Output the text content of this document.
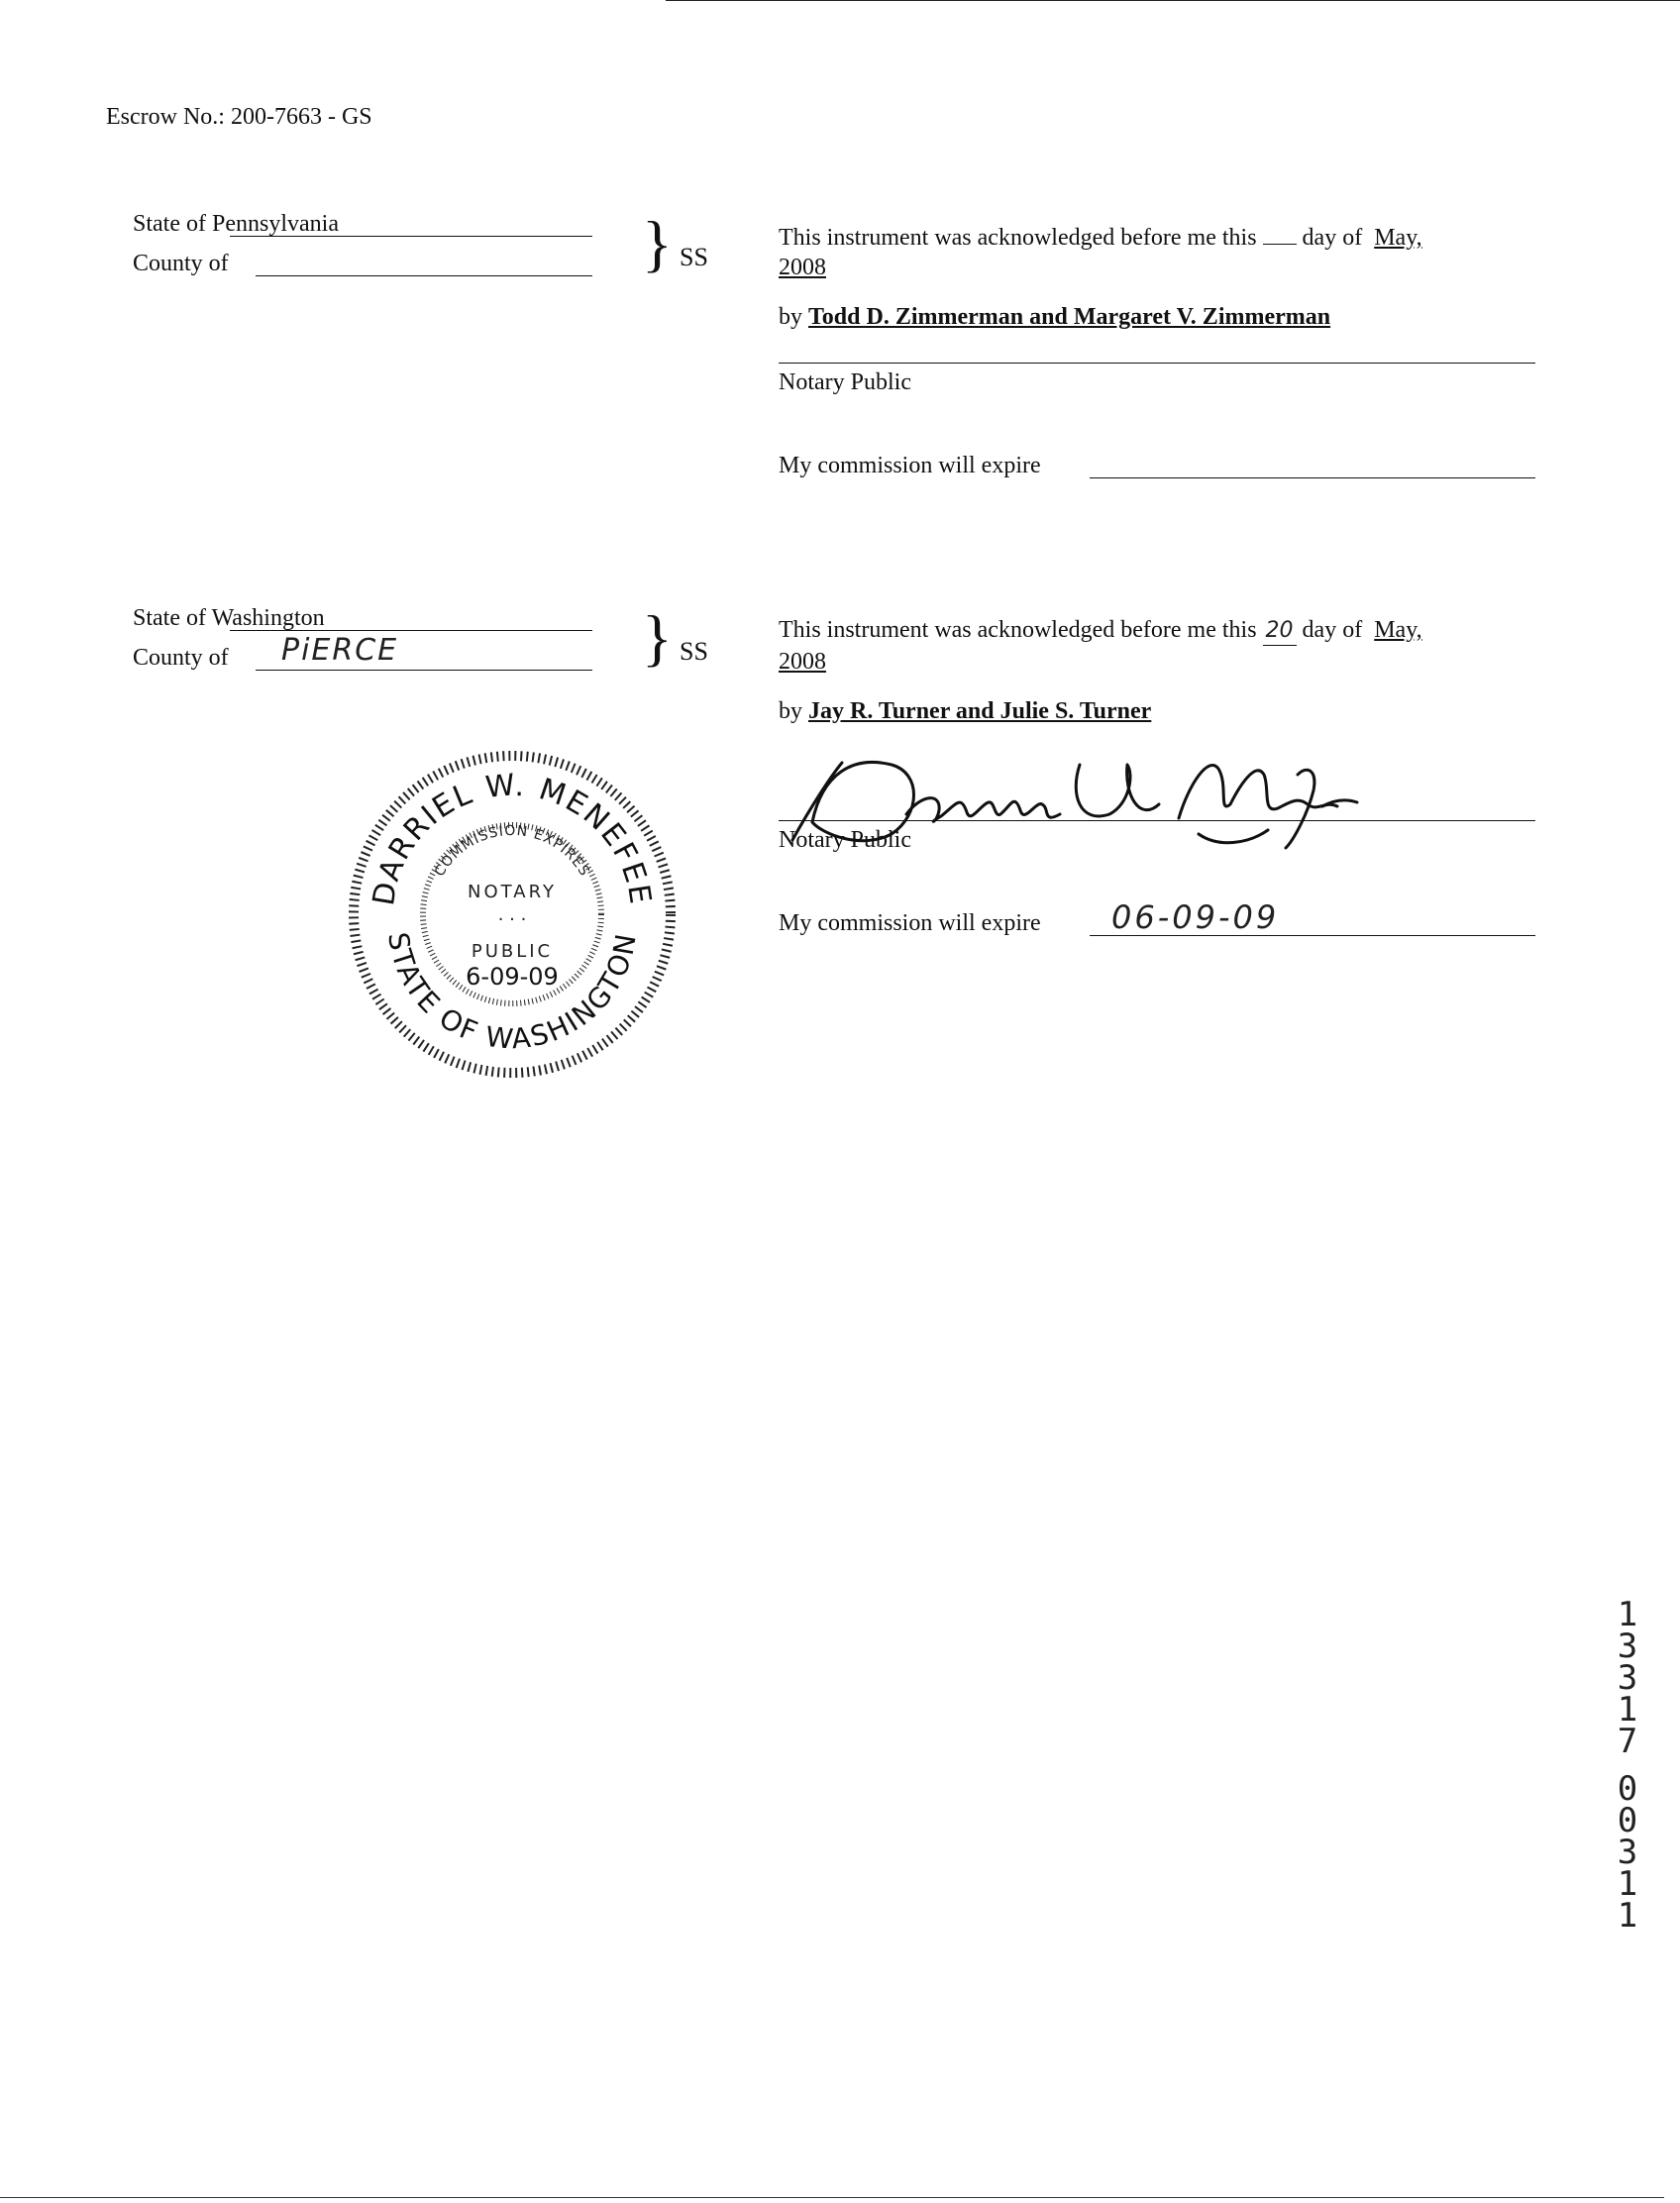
Escrow No.: 200-7663 - GS
State of Pennsylvania
County of	} SS
This instrument was acknowledged before me this day of May,
2008
by Todd D. Zimmerman and Margaret V. Zimmerman
Notary Public
My commission will expire
State of Washington
County of PiERCE	} SS
This instrument was acknowledged before me this 20 day of May,
2008
by Jay R. Turner and Julie S. Turner
Notary Public
My commission will expire 06-09-09
DARRIEL W. MENEFEE
STATE OF WASHINGTON
COMMISSION EXPIRES
NOTARY
· · ·
PUBLIC
6-09-09
1
3
3
1
7
0
0
3
1
1
